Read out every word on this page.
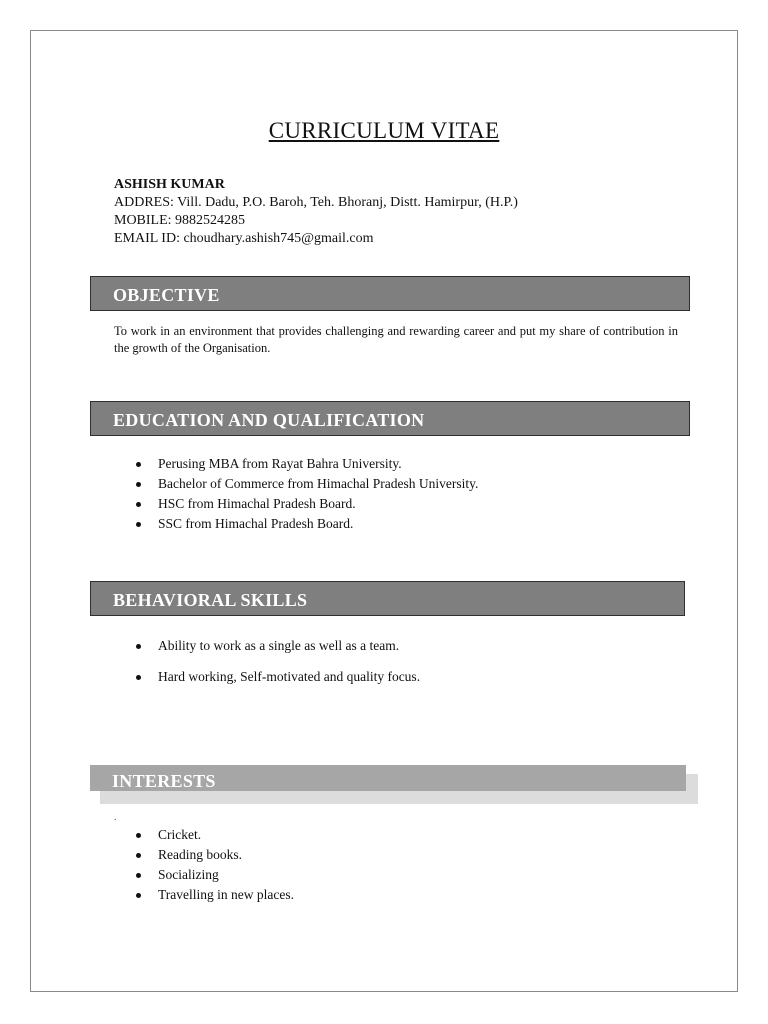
CURRICULUM VITAE
ASHISH KUMAR
ADDRES: Vill. Dadu, P.O. Baroh, Teh. Bhoranj, Distt. Hamirpur, (H.P.)
MOBILE: 9882524285
EMAIL ID: choudhary.ashish745@gmail.com
OBJECTIVE
To work in an environment that provides challenging and rewarding career and put my share of contribution in the growth of the Organisation.
EDUCATION AND QUALIFICATION
Perusing MBA from Rayat Bahra University.
Bachelor of Commerce from Himachal Pradesh University.
HSC from Himachal Pradesh Board.
SSC from Himachal Pradesh Board.
BEHAVIORAL SKILLS
Ability to work as a single as well as a team.
Hard working, Self-motivated and quality focus.
INTERESTS
.
Cricket.
Reading books.
Socializing
Travelling in new places.
